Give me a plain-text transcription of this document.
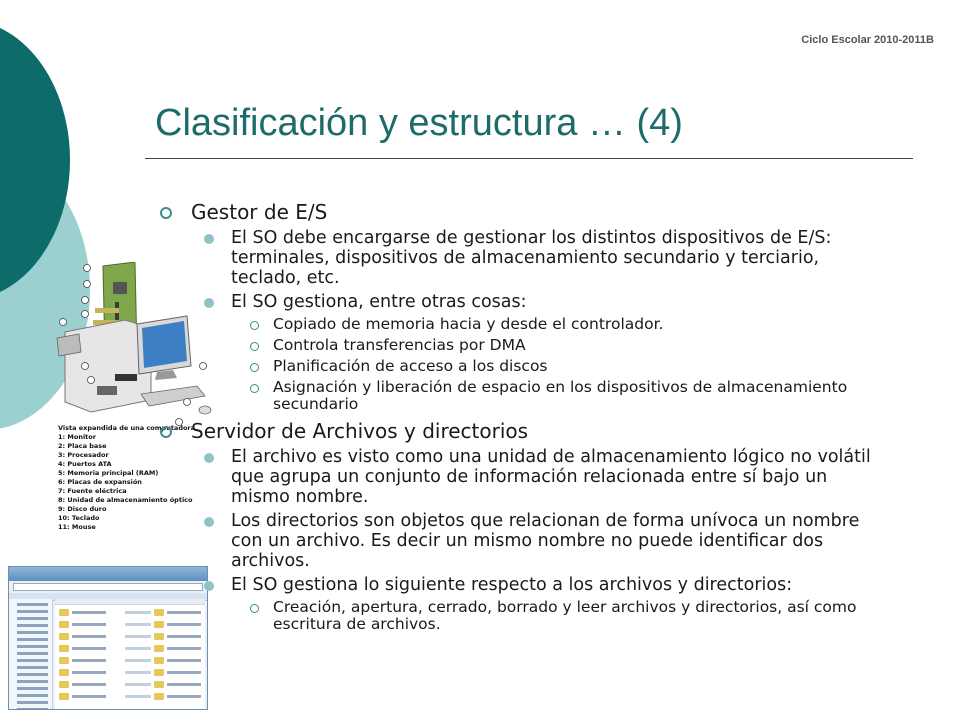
Ciclo Escolar 2010-2011B
Clasificación y estructura … (4)
Vista expandida de una computadora
1: Monitor
2: Placa base
3: Procesador
4: Puertos ATA
5: Memoria principal (RAM)
6: Placas de expansión
7: Fuente eléctrica
8: Unidad de almacenamiento óptico
9: Disco duro
10: Teclado
11: Mouse
Gestor de E/S
El SO debe encargarse de gestionar los distintos dispositivos de E/S: terminales, dispositivos de almacenamiento secundario y terciario, teclado, etc.
El SO gestiona, entre otras cosas:
Copiado de memoria hacia y desde el controlador.
Controla transferencias por DMA
Planificación de acceso a los discos
Asignación y liberación de espacio en los dispositivos de almacenamiento secundario
Servidor de Archivos y directorios
El archivo es visto como una unidad de almacenamiento lógico no volátil que agrupa un conjunto de información relacionada entre sí bajo un mismo nombre.
Los directorios son objetos que relacionan de forma unívoca un nombre con un archivo. Es decir un mismo nombre no puede identificar dos archivos.
El SO gestiona lo siguiente respecto a los archivos y directorios:
Creación, apertura, cerrado, borrado y leer archivos y directorios, así como escritura de archivos.
